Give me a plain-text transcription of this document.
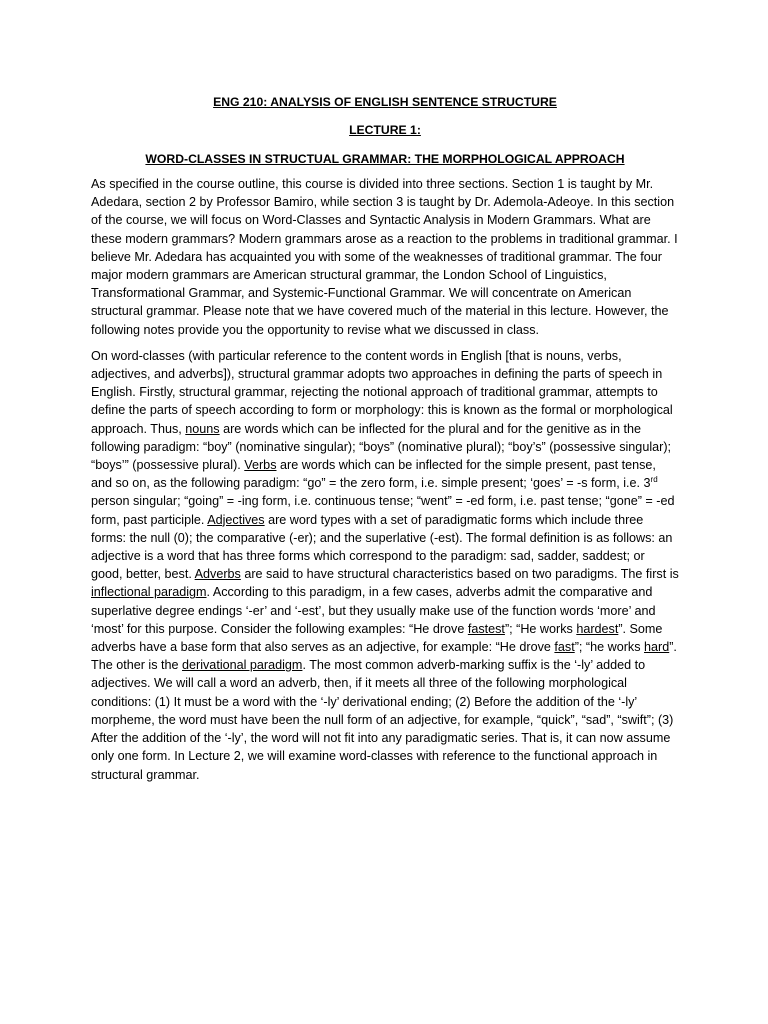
ENG 210: ANALYSIS OF ENGLISH SENTENCE STRUCTURE

LECTURE 1:

WORD-CLASSES IN STRUCTUAL GRAMMAR: THE MORPHOLOGICAL APPROACH

As specified in the course outline, this course is divided into three sections. Section 1 is taught by Mr. Adedara, section 2 by Professor Bamiro, while section 3 is taught by Dr. Ademola-Adeoye. In this section of the course, we will focus on Word-Classes and Syntactic Analysis in Modern Grammars. What are these modern grammars? Modern grammars arose as a reaction to the problems in traditional grammar. I believe Mr. Adedara has acquainted you with some of the weaknesses of traditional grammar. The four major modern grammars are American structural grammar, the London School of Linguistics, Transformational Grammar, and Systemic-Functional Grammar. We will concentrate on American structural grammar. Please note that we have covered much of the material in this lecture. However, the following notes provide you the opportunity to revise what we discussed in class.

On word-classes (with particular reference to the content words in English [that is nouns, verbs, adjectives, and adverbs]), structural grammar adopts two approaches in defining the parts of speech in English. Firstly, structural grammar, rejecting the notional approach of traditional grammar, attempts to define the parts of speech according to form or morphology: this is known as the formal or morphological approach. Thus, nouns are words which can be inflected for the plural and for the genitive as in the following paradigm: “boy” (nominative singular); “boys” (nominative plural); “boy’s” (possessive singular); “boys’” (possessive plural). Verbs are words which can be inflected for the simple present, past tense, and so on, as the following paradigm: “go” = the zero form, i.e. simple present; ‘goes’ = -s form, i.e. 3rd person singular; “going” = -ing form, i.e. continuous tense; “went” = -ed form, i.e. past tense; “gone” = -ed form, past participle. Adjectives are word types with a set of paradigmatic forms which include three forms: the null (0); the comparative (-er); and the superlative (-est). The formal definition is as follows: an adjective is a word that has three forms which correspond to the paradigm: sad, sadder, saddest; or good, better, best. Adverbs are said to have structural characteristics based on two paradigms. The first is inflectional paradigm. According to this paradigm, in a few cases, adverbs admit the comparative and superlative degree endings ‘-er’ and ‘-est’, but they usually make use of the function words ‘more’ and ‘most’ for this purpose. Consider the following examples: “He drove fastest”; “He works hardest”. Some adverbs have a base form that also serves as an adjective, for example: “He drove fast”; “he works hard”. The other is the derivational paradigm. The most common adverb-marking suffix is the ‘-ly’ added to adjectives. We will call a word an adverb, then, if it meets all three of the following morphological conditions: (1) It must be a word with the ‘-ly’ derivational ending; (2) Before the addition of the ‘-ly’ morpheme, the word must have been the null form of an adjective, for example, “quick”, “sad”, “swift”; (3) After the addition of the ‘-ly’, the word will not fit into any paradigmatic series. That is, it can now assume only one form. In Lecture 2, we will examine word-classes with reference to the functional approach in structural grammar.
